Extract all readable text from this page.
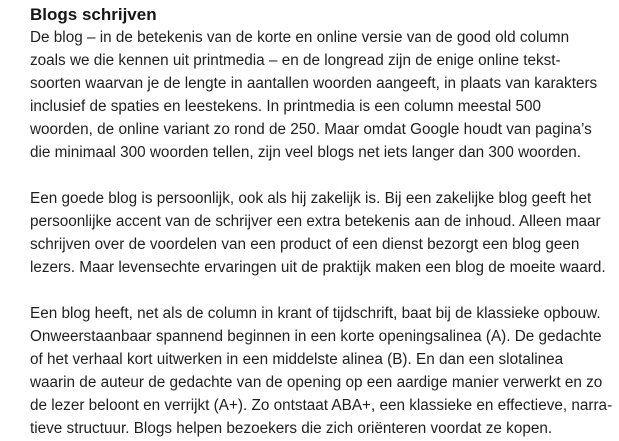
Blogs schrijven

De blog – in de betekenis van de korte en online versie van de good old column
zoals we die kennen uit printmedia – en de longread zijn de enige online tekst-
soorten waarvan je de lengte in aantallen woorden aangeeft, in plaats van karakters
inclusief de spaties en leestekens. In printmedia is een column meestal 500
woorden, de online variant zo rond de 250. Maar omdat Google houdt van pagina’s
die minimaal 300 woorden tellen, zijn veel blogs net iets langer dan 300 woorden.

Een goede blog is persoonlijk, ook als hij zakelijk is. Bij een zakelijke blog geeft het
persoonlijke accent van de schrijver een extra betekenis aan de inhoud. Alleen maar
schrijven over de voordelen van een product of een dienst bezorgt een blog geen
lezers. Maar levensechte ervaringen uit de praktijk maken een blog de moeite waard.

Een blog heeft, net als de column in krant of tijdschrift, baat bij de klassieke opbouw.
Onweerstaanbaar spannend beginnen in een korte openingsalinea (A). De gedachte
of het verhaal kort uitwerken in een middelste alinea (B). En dan een slotalinea
waarin de auteur de gedachte van de opening op een aardige manier verwerkt en zo
de lezer beloont en verrijkt (A+). Zo ontstaat ABA+, een klassieke en effectieve, narra-
tieve structuur. Blogs helpen bezoekers die zich oriënteren voordat ze kopen.
